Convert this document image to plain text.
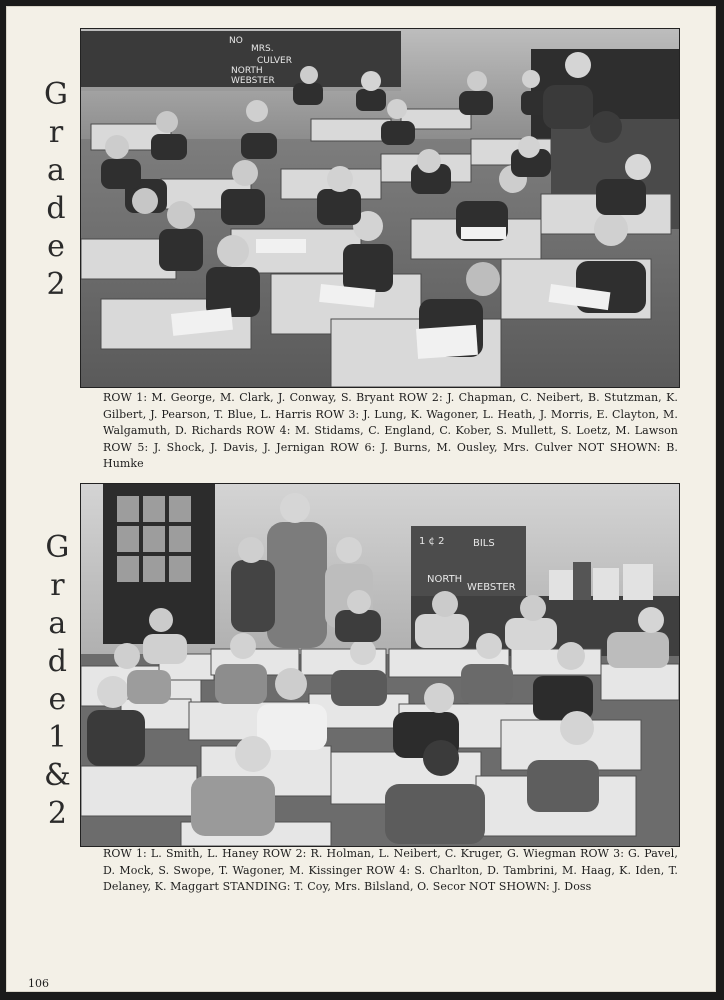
G
r
a
d
e
2
NO
MRS.
CULVER
NORTH
WEBSTER

ROW 1: M. George, M. Clark, J. Conway, S. Bryant ROW 2: J. Chapman, C. Neibert, B. Stutzman, K. Gilbert, J. Pearson, T. Blue, L. Harris ROW 3: J. Lung, K. Wagoner, L. Heath, J. Morris, E. Clayton, M. Walgamuth, D. Richards ROW 4: M. Stidams, C. England, C. Kober, S. Mullett, S. Loetz, M. Lawson ROW 5: J. Shock, J. Davis, J. Jernigan ROW 6: J. Burns, M. Ousley, Mrs. Culver NOT SHOWN: B. Humke

G
r
a
d
e
1
&
2
1 ¢ 2	BILS
NORTH
WEBSTER

ROW 1: L. Smith, L. Haney ROW 2: R. Holman, L. Neibert, C. Kruger, G. Wiegman ROW 3: G. Pavel, D. Mock, S. Swope, T. Wagoner, M. Kissinger ROW 4: S. Charlton, D. Tambrini, M. Haag, K. Iden, T. Delaney, K. Maggart STANDING: T. Coy, Mrs. Bilsland, O. Secor NOT SHOWN: J. Doss

106
